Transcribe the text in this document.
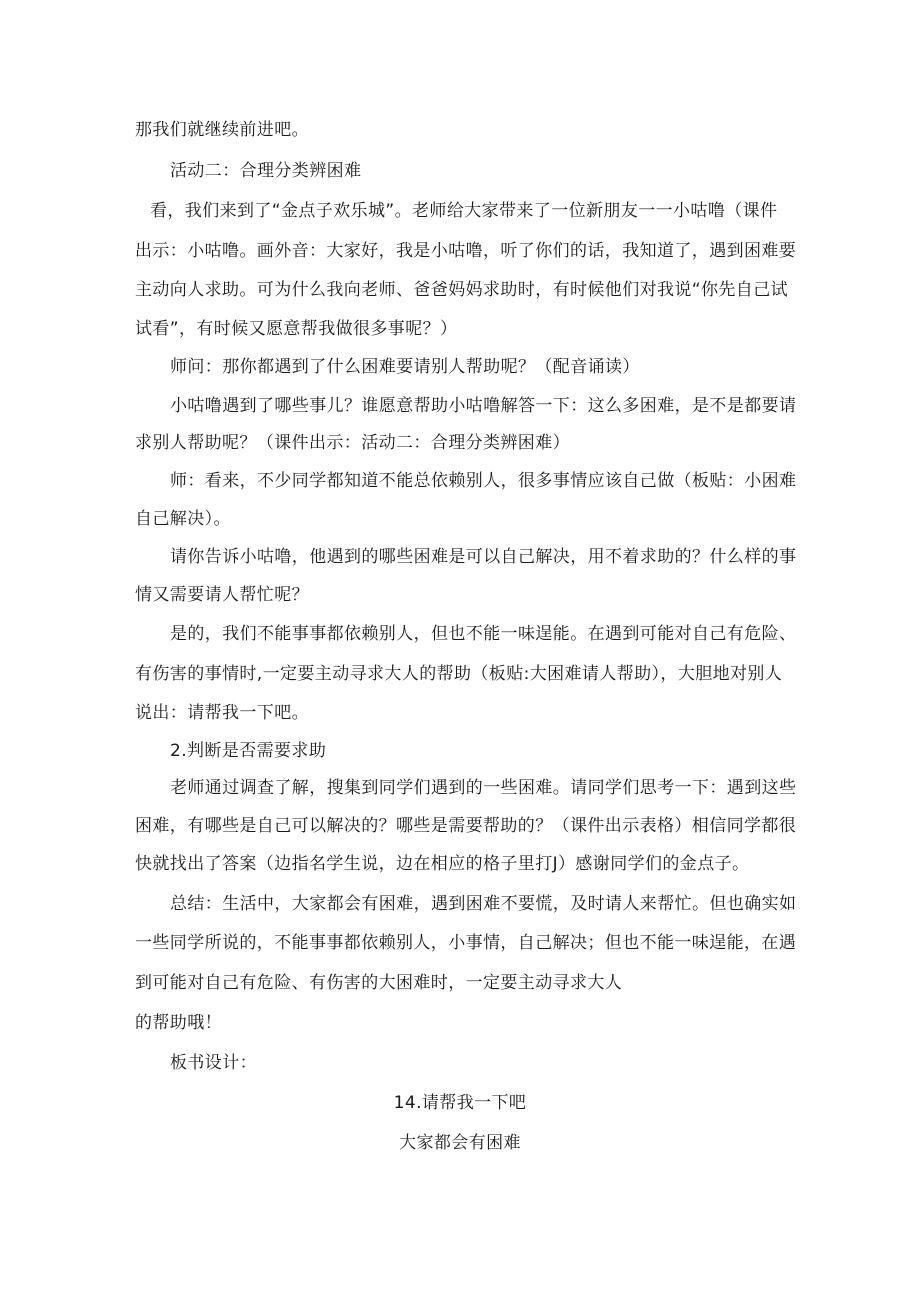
那我们就继续前进吧。
活动二：合理分类辨困难
看，我们来到了“金点子欢乐城”。老师给大家带来了一位新朋友一一小咕噜（课件
出示：小咕噜。画外音：大家好，我是小咕噜，听了你们的话，我知道了，遇到困难要
主动向人求助。可为什么我向老师、爸爸妈妈求助时，有时候他们对我说“你先自己试
试看”，有时候又愿意帮我做很多事呢？）
师问：那你都遇到了什么困难要请别人帮助呢？（配音诵读）
小咕噜遇到了哪些事儿？谁愿意帮助小咕噜解答一下：这么多困难，是不是都要请
求别人帮助呢？（课件出示：活动二：合理分类辨困难）
师：看来，不少同学都知道不能总依赖别人，很多事情应该自己做（板贴：小困难
自己解决）。
请你告诉小咕噜，他遇到的哪些困难是可以自己解决，用不着求助的？什么样的事
情又需要请人帮忙呢？
是的，我们不能事事都依赖别人，但也不能一味逞能。在遇到可能对自己有危险、
有伤害的事情时,一定要主动寻求大人的帮助（板贴:大困难请人帮助），大胆地对别人
说出：请帮我一下吧。
2.判断是否需要求助
老师通过调查了解，搜集到同学们遇到的一些困难。请同学们思考一下：遇到这些
困难，有哪些是自己可以解决的？哪些是需要帮助的？（课件出示表格）相信同学都很
快就找出了答案（边指名学生说，边在相应的格子里打J）感谢同学们的金点子。
总结：生活中，大家都会有困难，遇到困难不要慌，及时请人来帮忙。但也确实如
一些同学所说的，不能事事都依赖别人，小事情，自己解决；但也不能一味逞能，在遇
到可能对自己有危险、有伤害的大困难时，一定要主动寻求大人
的帮助哦！
板书设计：
14.请帮我一下吧
大家都会有困难
